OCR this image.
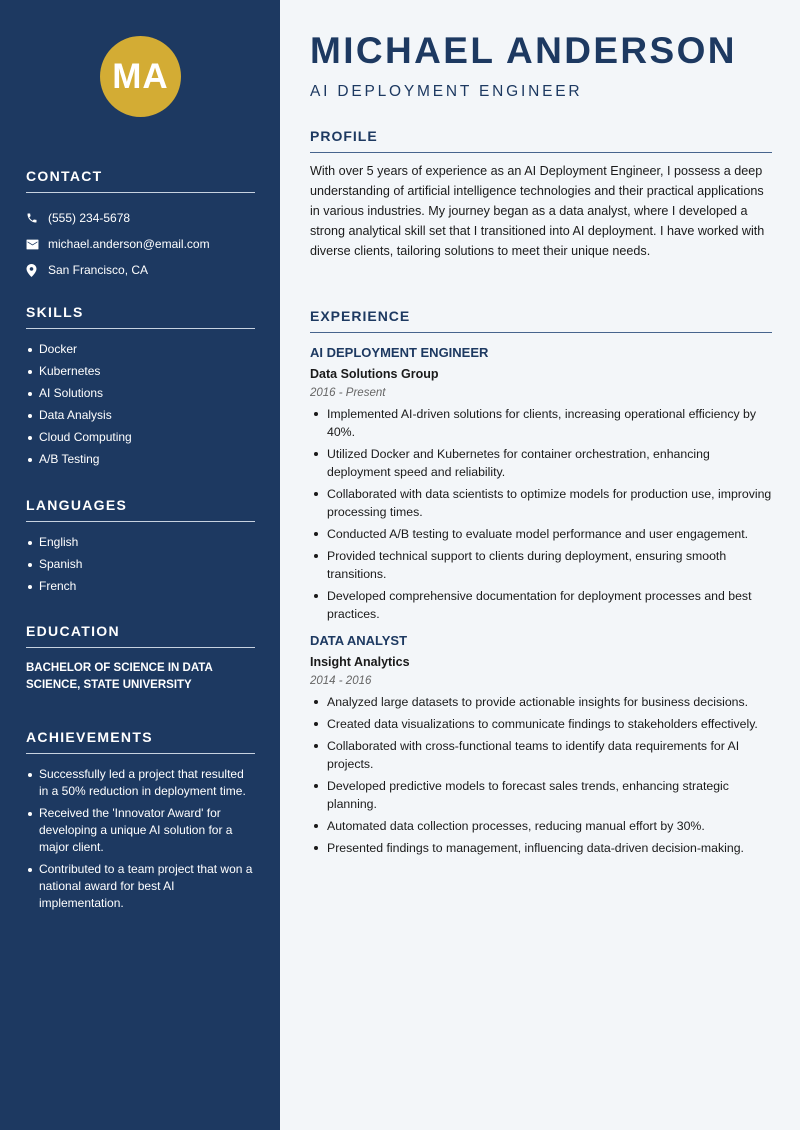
MA
CONTACT
(555) 234-5678
michael.anderson@email.com
San Francisco, CA
SKILLS
Docker
Kubernetes
AI Solutions
Data Analysis
Cloud Computing
A/B Testing
LANGUAGES
English
Spanish
French
EDUCATION
BACHELOR OF SCIENCE IN DATA SCIENCE, STATE UNIVERSITY
ACHIEVEMENTS
Successfully led a project that resulted in a 50% reduction in deployment time.
Received the 'Innovator Award' for developing a unique AI solution for a major client.
Contributed to a team project that won a national award for best AI implementation.
MICHAEL ANDERSON
AI DEPLOYMENT ENGINEER
PROFILE
With over 5 years of experience as an AI Deployment Engineer, I possess a deep understanding of artificial intelligence technologies and their practical applications in various industries. My journey began as a data analyst, where I developed a strong analytical skill set that I transitioned into AI deployment. I have worked with diverse clients, tailoring solutions to meet their unique needs.
EXPERIENCE
AI DEPLOYMENT ENGINEER
Data Solutions Group
2016 - Present
Implemented AI-driven solutions for clients, increasing operational efficiency by 40%.
Utilized Docker and Kubernetes for container orchestration, enhancing deployment speed and reliability.
Collaborated with data scientists to optimize models for production use, improving processing times.
Conducted A/B testing to evaluate model performance and user engagement.
Provided technical support to clients during deployment, ensuring smooth transitions.
Developed comprehensive documentation for deployment processes and best practices.
DATA ANALYST
Insight Analytics
2014 - 2016
Analyzed large datasets to provide actionable insights for business decisions.
Created data visualizations to communicate findings to stakeholders effectively.
Collaborated with cross-functional teams to identify data requirements for AI projects.
Developed predictive models to forecast sales trends, enhancing strategic planning.
Automated data collection processes, reducing manual effort by 30%.
Presented findings to management, influencing data-driven decision-making.
